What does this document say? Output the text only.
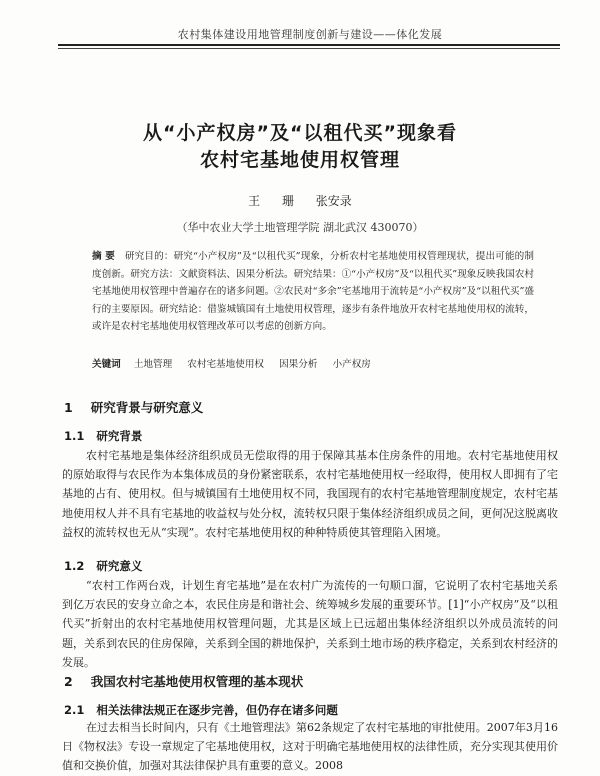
农村集体建设用地管理制度创新与建设——体化发展
从“小产权房”及“以租代买”现象看
农村宅基地使用权管理
王 珊 张安录
（华中农业大学土地管理学院 湖北武汉 430070）
摘 要 研究目的：研究“小产权房”及“以租代买”现象，分析农村宅基地使用权管理现状，提出可能的制度创新。研究方法：文献资料法、因果分析法。研究结果：①“小产权房”及“以租代买”现象反映我国农村宅基地使用权管理中普遍存在的诸多问题。②农民对“多余”宅基地用于流转是“小产权房”及“以租代买”盛行的主要原因。研究结论：借鉴城镇国有土地使用权管理，逐步有条件地放开农村宅基地使用权的流转，或许是农村宅基地使用权管理改革可以考虑的创新方向。
关键词 土地管理 农村宅基地使用权 因果分析 小产权房
1 研究背景与研究意义
1.1 研究背景
农村宅基地是集体经济组织成员无偿取得的用于保障其基本住房条件的用地。农村宅基地使用权的原始取得与农民作为本集体成员的身份紧密联系，农村宅基地使用权一经取得，使用权人即拥有了宅基地的占有、使用权。但与城镇国有土地使用权不同，我国现有的农村宅基地管理制度规定，农村宅基地使用权人并不具有宅基地的收益权与处分权，流转权只限于集体经济组织成员之间，更何况这脱离收益权的流转权也无从“实现”。农村宅基地使用权的种种特质使其管理陷入困境。
1.2 研究意义
“农村工作两台戏，计划生育宅基地”是在农村广为流传的一句顺口溜，它说明了农村宅基地关系到亿万农民的安身立命之本，农民住房是和谐社会、统筹城乡发展的重要环节。[1]“小产权房”及“以租代买”折射出的农村宅基地使用权管理问题，尤其是区域上已远超出集体经济组织以外成员流转的问题，关系到农民的住房保障，关系到全国的耕地保护，关系到土地市场的秩序稳定，关系到农村经济的发展。
2 我国农村宅基地使用权管理的基本现状
2.1 相关法律法规正在逐步完善，但仍存在诸多问题
在过去相当长时间内，只有《土地管理法》第62条规定了农村宅基地的审批使用。2007年3月16日《物权法》专设一章规定了宅基地使用权，这对于明确宅基地使用权的法律性质，充分实现其使用价值和交换价值，加强对其法律保护具有重要的意义。2008
